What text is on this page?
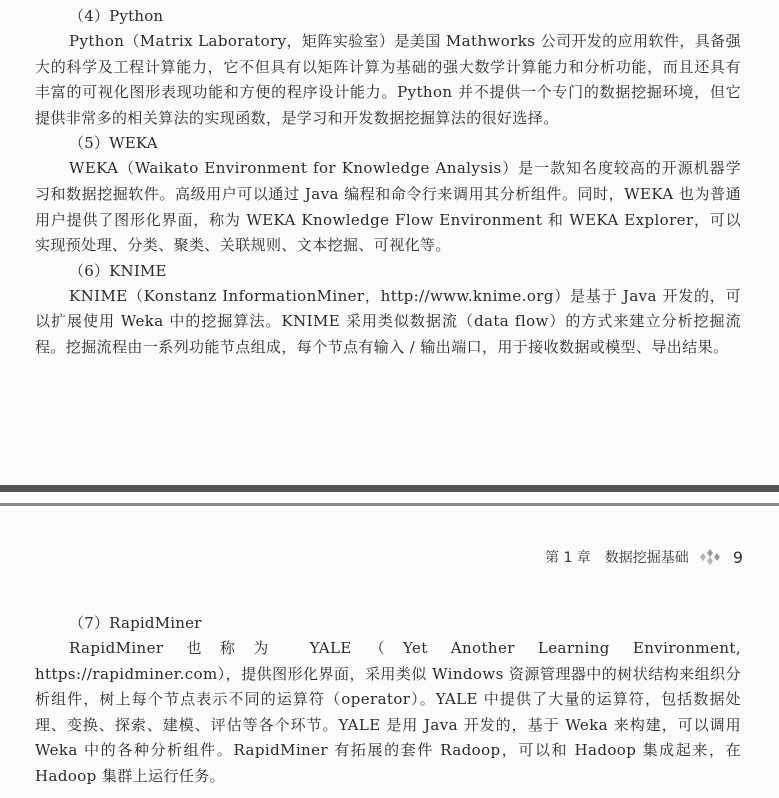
（4）Python

Python（Matrix Laboratory，矩阵实验室）是美国 Mathworks 公司开发的应用软件，具备强大的科学及工程计算能力，它不但具有以矩阵计算为基础的强大数学计算能力和分析功能，而且还具有丰富的可视化图形表现功能和方便的程序设计能力。Python 并不提供一个专门的数据挖掘环境，但它提供非常多的相关算法的实现函数，是学习和开发数据挖掘算法的很好选择。

（5）WEKA

WEKA（Waikato Environment for Knowledge Analysis）是一款知名度较高的开源机器学习和数据挖掘软件。高级用户可以通过 Java 编程和命令行来调用其分析组件。同时，WEKA 也为普通用户提供了图形化界面，称为 WEKA Knowledge Flow Environment 和 WEKA Explorer，可以实现预处理、分类、聚类、关联规则、文本挖掘、可视化等。

（6）KNIME

KNIME（Konstanz InformationMiner，http://www.knime.org）是基于 Java 开发的，可以扩展使用 Weka 中的挖掘算法。KNIME 采用类似数据流（data flow）的方式来建立分析挖掘流程。挖掘流程由一系列功能节点组成，每个节点有输入 / 输出端口，用于接收数据或模型、导出结果。

第 1 章　数据挖掘基础	9

（7）RapidMiner

RapidMiner 也称为 YALE（Yet Another Learning Environment, https://rapidminer.com），提供图形化界面，采用类似 Windows 资源管理器中的树状结构来组织分析组件，树上每个节点表示不同的运算符（operator）。YALE 中提供了大量的运算符，包括数据处理、变换、探索、建模、评估等各个环节。YALE 是用 Java 开发的，基于 Weka 来构建，可以调用 Weka 中的各种分析组件。RapidMiner 有拓展的套件 Radoop，可以和 Hadoop 集成起来，在 Hadoop 集群上运行任务。
